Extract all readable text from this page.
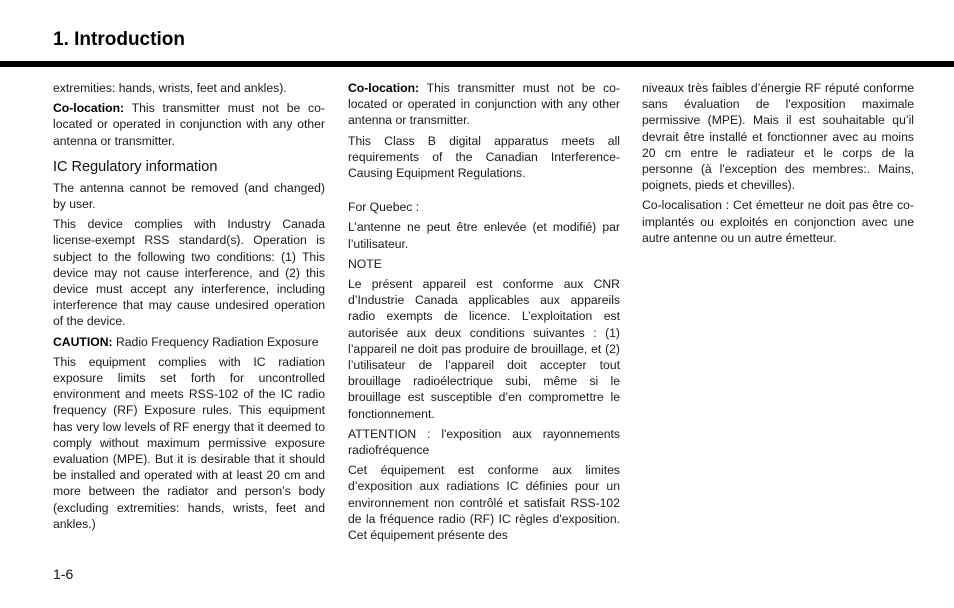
1. Introduction

extremities: hands, wrists, feet and ankles).

Co-location: This transmitter must not be co-located or operated in conjunction with any other antenna or transmitter.

IC Regulatory information

The antenna cannot be removed (and changed) by user.

This device complies with Industry Canada license-exempt RSS standard(s). Operation is subject to the following two conditions: (1) This device may not cause interference, and (2) this device must accept any interference, including interference that may cause undesired operation of the device.

CAUTION: Radio Frequency Radiation Exposure

This equipment complies with IC radiation exposure limits set forth for uncontrolled environment and meets RSS-102 of the IC radio frequency (RF) Exposure rules. This equipment has very low levels of RF energy that it deemed to comply without maximum permissive exposure evaluation (MPE). But it is desirable that it should be installed and operated with at least 20 cm and more between the radiator and person’s body (excluding extremities: hands, wrists, feet and ankles.)

Co-location: This transmitter must not be co-located or operated in conjunction with any other antenna or transmitter.

This Class B digital apparatus meets all requirements of the Canadian Interference-Causing Equipment Regulations.

For Quebec :

L’antenne ne peut être enlevée (et modifié) par l’utilisateur.

NOTE

Le présent appareil est conforme aux CNR d’Industrie Canada applicables aux appareils radio exempts de licence. L’exploitation est autorisée aux deux conditions suivantes : (1) l’appareil ne doit pas produire de brouillage, et (2) l’utilisateur de l’appareil doit accepter tout brouillage radioélectrique subi, même si le brouillage est susceptible d’en compromettre le fonctionnement.

ATTENTION : l'exposition aux rayonnements radiofréquence

Cet équipement est conforme aux limites d’exposition aux radiations IC définies pour un environnement non contrôlé et satisfait RSS-102 de la fréquence radio (RF) IC règles d'exposition. Cet équipement présente des

niveaux très faibles d’énergie RF réputé conforme sans évaluation de l'exposition maximale permissive (MPE). Mais il est souhaitable qu’il devrait être installé et fonctionner avec au moins 20 cm entre le radiateur et le corps de la personne (à l'exception des membres:. Mains, poignets, pieds et chevilles).

Co-localisation : Cet émetteur ne doit pas être co-implantés ou exploités en conjonction avec une autre antenne ou un autre émetteur.

1-6
